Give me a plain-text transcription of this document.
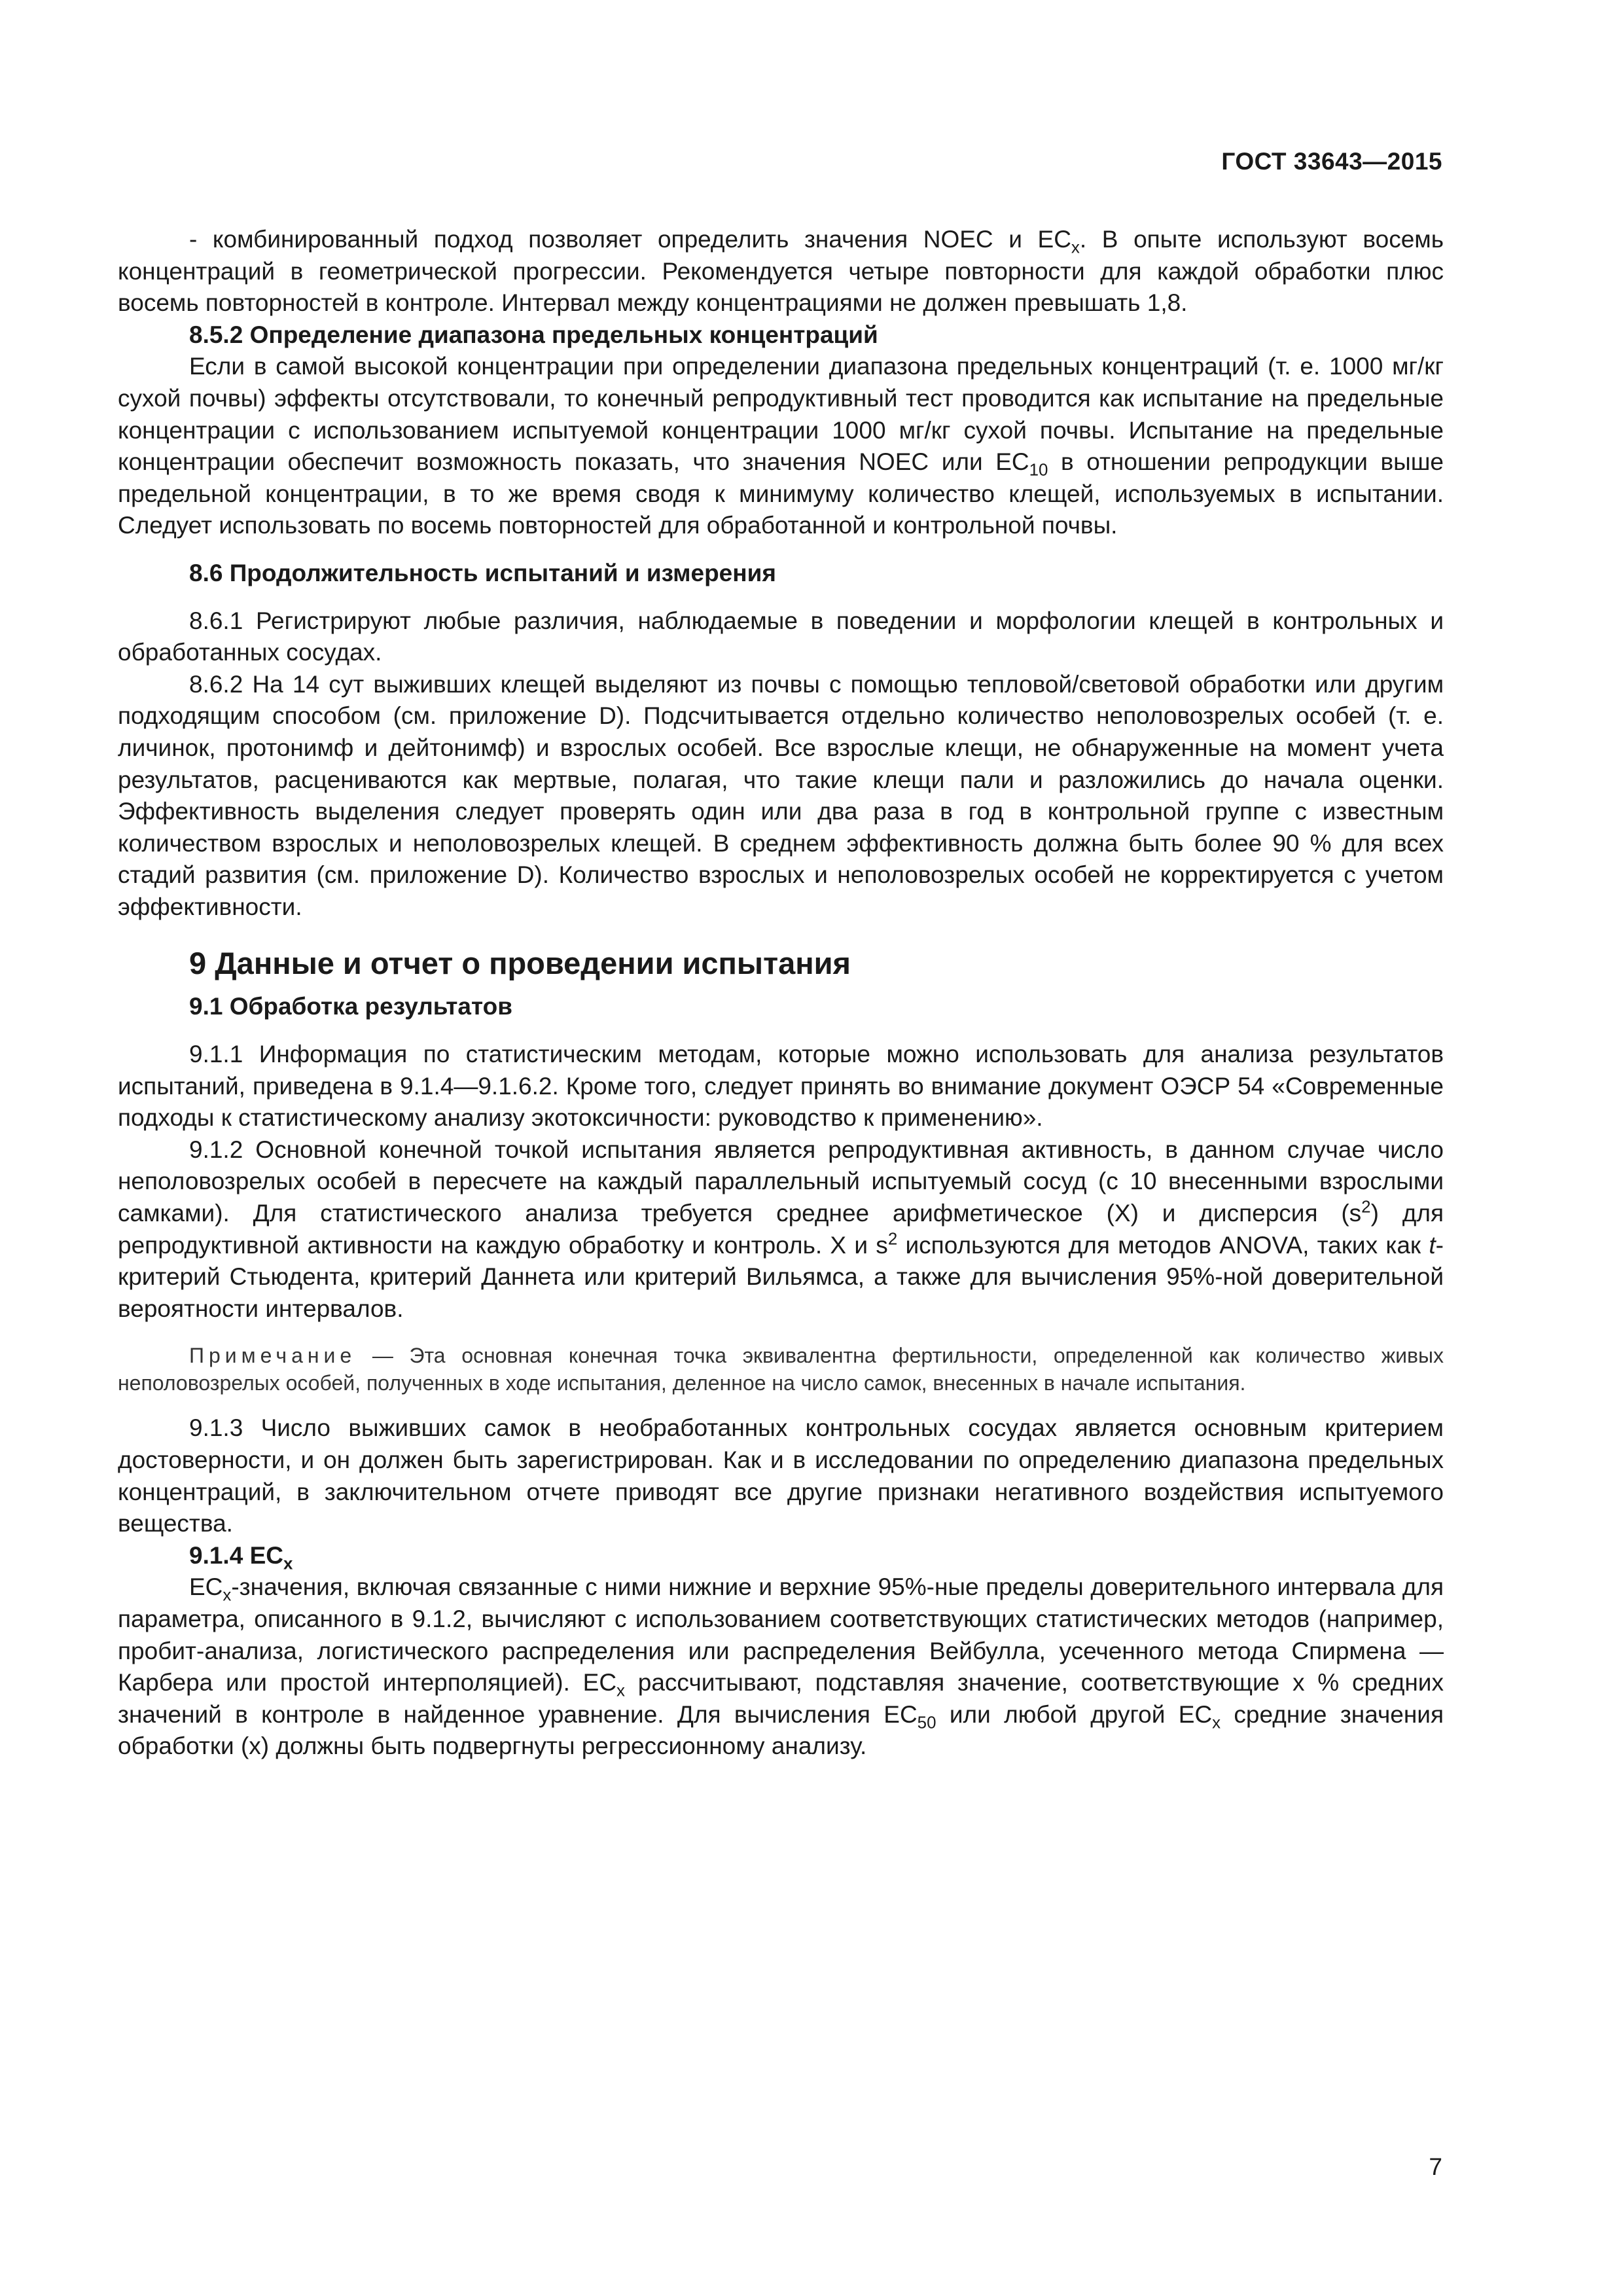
ГОСТ 33643—2015

- комбинированный подход позволяет определить значения NOEC и $EC_x$. В опыте используют восемь концентраций в геометрической прогрессии. Рекомендуется четыре повторности для каждой обработки плюс восемь повторностей в контроле. Интервал между концентрациями не должен превышать 1,8.

8.5.2 Определение диапазона предельных концентраций

Если в самой высокой концентрации при определении диапазона предельных концентраций (т. е. 1000 мг/кг сухой почвы) эффекты отсутствовали, то конечный репродуктивный тест проводится как испытание на предельные концентрации с использованием испытуемой концентрации 1000 мг/кг сухой почвы. Испытание на предельные концентрации обеспечит возможность показать, что значения NOEC или $EC_{10}$ в отношении репродукции выше предельной концентрации, в то же время сводя к минимуму количество клещей, используемых в испытании. Следует использовать по восемь повторностей для обработанной и контрольной почвы.

8.6 Продолжительность испытаний и измерения

8.6.1 Регистрируют любые различия, наблюдаемые в поведении и морфологии клещей в контрольных и обработанных сосудах.

8.6.2 На 14 сут выживших клещей выделяют из почвы с помощью тепловой/световой обработки или другим подходящим способом (см. приложение D). Подсчитывается отдельно количество неполовозрелых особей (т. е. личинок, протонимф и дейтонимф) и взрослых особей. Все взрослые клещи, не обнаруженные на момент учета результатов, расцениваются как мертвые, полагая, что такие клещи пали и разложились до начала оценки. Эффективность выделения следует проверять один или два раза в год в контрольной группе с известным количеством взрослых и неполовозрелых клещей. В среднем эффективность должна быть более 90 % для всех стадий развития (см. приложение D). Количество взрослых и неполовозрелых особей не корректируется с учетом эффективности.

9 Данные и отчет о проведении испытания

9.1 Обработка результатов

9.1.1 Информация по статистическим методам, которые можно использовать для анализа результатов испытаний, приведена в 9.1.4—9.1.6.2. Кроме того, следует принять во внимание документ ОЭСР 54 «Современные подходы к статистическому анализу экотоксичности: руководство к применению».

9.1.2 Основной конечной точкой испытания является репродуктивная активность, в данном случае число неполовозрелых особей в пересчете на каждый параллельный испытуемый сосуд (с 10 внесенными взрослыми самками). Для статистического анализа требуется среднее арифметическое (X) и дисперсия $(s^2)$ для репродуктивной активности на каждую обработку и контроль. X и $s^2$ используются для методов ANOVA, таких как t-критерий Стьюдента, критерий Даннета или критерий Вильямса, а также для вычисления 95%-ной доверительной вероятности интервалов.

Примечание — Эта основная конечная точка эквивалентна фертильности, определенной как количество живых неполовозрелых особей, полученных в ходе испытания, деленное на число самок, внесенных в начале испытания.

9.1.3 Число выживших самок в необработанных контрольных сосудах является основным критерием достоверности, и он должен быть зарегистрирован. Как и в исследовании по определению диапазона предельных концентраций, в заключительном отчете приводят все другие признаки негативного воздействия испытуемого вещества.

9.1.4 $EC_x$

$EC_x$-значения, включая связанные с ними нижние и верхние 95%-ные пределы доверительного интервала для параметра, описанного в 9.1.2, вычисляют с использованием соответствующих статистических методов (например, пробит-анализа, логистического распределения или распределения Вейбулла, усеченного метода Спирмена — Карбера или простой интерполяцией). $EC_x$ рассчитывают, подставляя значение, соответствующие x % средних значений в контроле в найденное уравнение. Для вычисления $EC_{50}$ или любой другой $EC_x$ средние значения обработки (x) должны быть подвергнуты регрессионному анализу.

7
